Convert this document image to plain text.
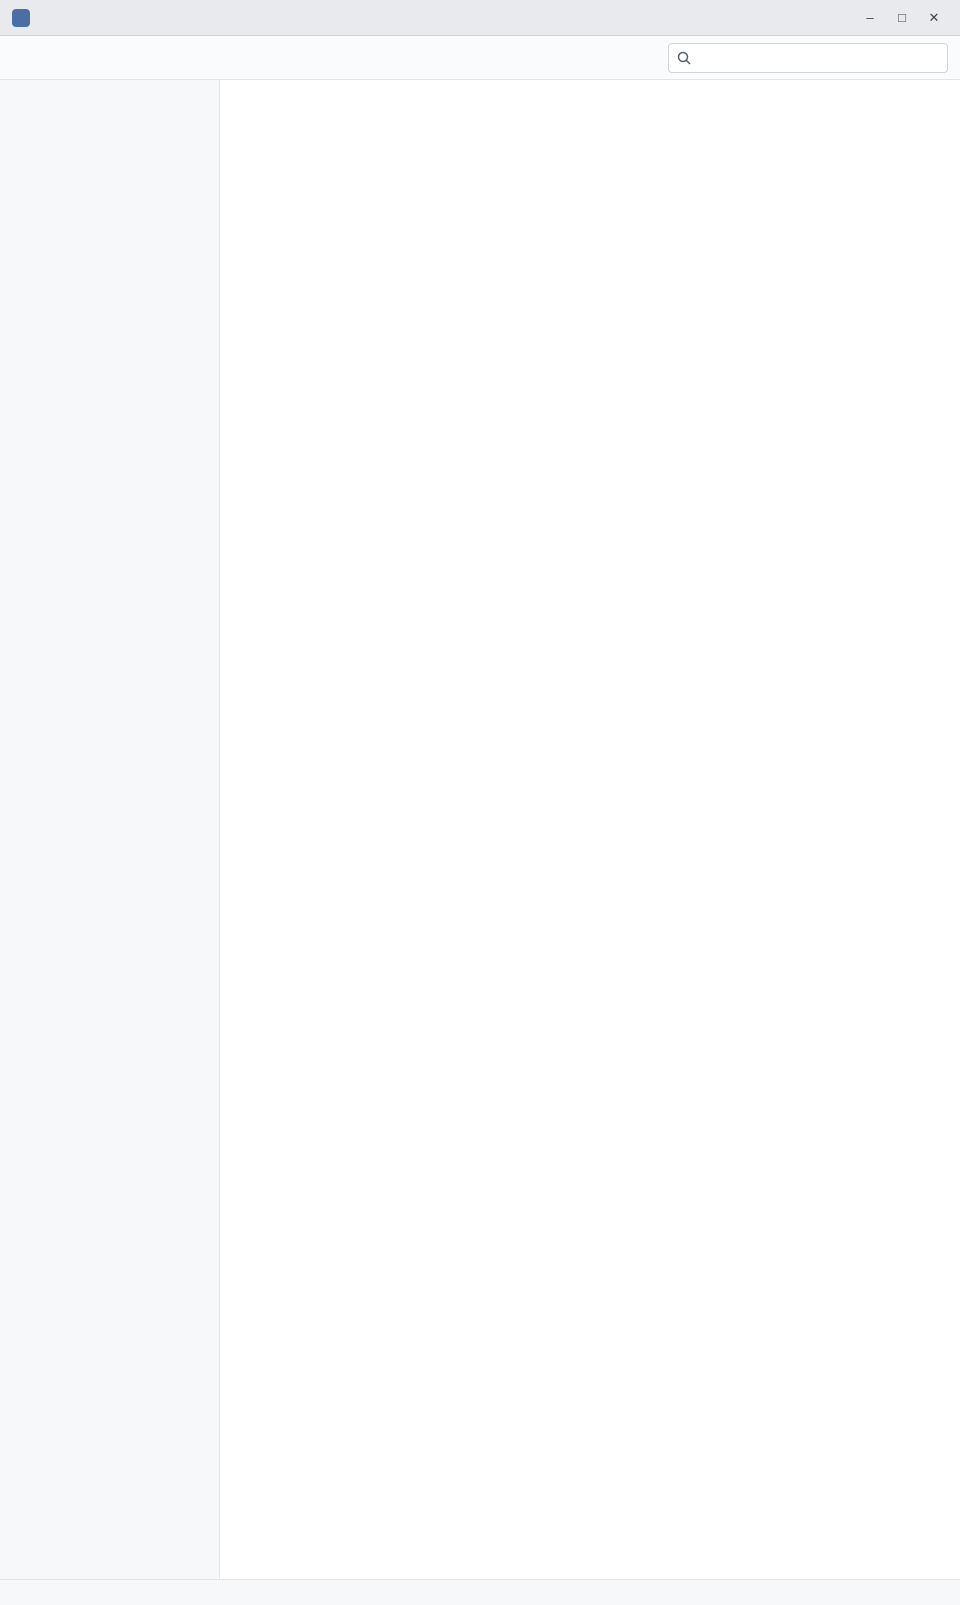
–	□	✕
